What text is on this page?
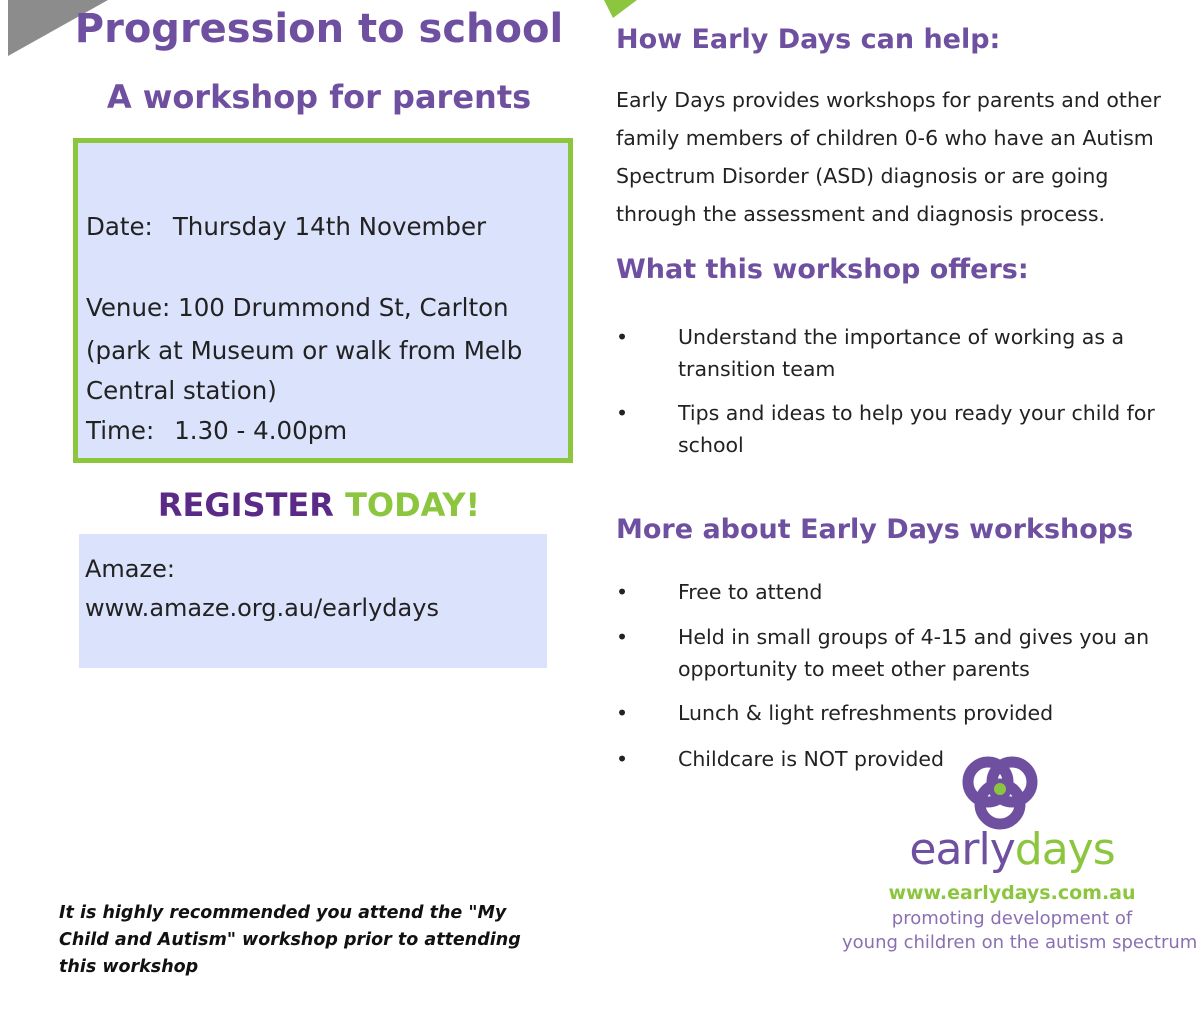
Progression to school
A workshop for parents
Date: Thursday 14th November
Venue: 100 Drummond St, Carlton
(park at Museum or walk from Melb
Central station)
Time: 1.30 - 4.00pm
REGISTER TODAY!
Amaze:
www.amaze.org.au/earlydays
It is highly recommended you attend the "My Child and Autism" workshop prior to attending this workshop
How Early Days can help:
Early Days provides workshops for parents and other family members of children 0-6 who have an Autism Spectrum Disorder (ASD) diagnosis or are going through the assessment and diagnosis process.
What this workshop offers:
•	Understand the importance of working as a transition team
•	Tips and ideas to help you ready your child for school
More about Early Days workshops
•	Free to attend
•	Held in small groups of 4-15 and gives you an opportunity to meet other parents
•	Lunch & light refreshments provided
•	Childcare is NOT provided
earlydays
www.earlydays.com.au
promoting development of
young children on the autism spectrum
